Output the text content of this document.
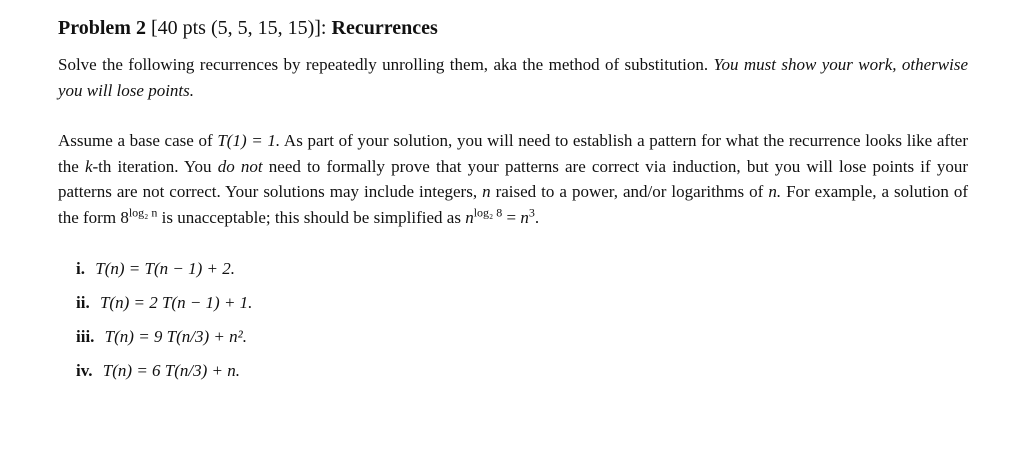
Problem 2 [40 pts (5, 5, 15, 15)]: Recurrences

Solve the following recurrences by repeatedly unrolling them, aka the method of substitution. You must show your work, otherwise you will lose points.

Assume a base case of T(1) = 1. As part of your solution, you will need to establish a pattern for what the recurrence looks like after the k-th iteration. You do not need to formally prove that your patterns are correct via induction, but you will lose points if your patterns are not correct. Your solutions may include integers, n raised to a power, and/or logarithms of n. For example, a solution of the form $8^{log_2 n}$ is unacceptable; this should be simplified as $n^{log_2 8} = n^3$.

i. T(n) = T(n − 1) + 2.
ii. T(n) = 2 T(n − 1) + 1.
iii. T(n) = 9 T(n/3) + n².
iv. T(n) = 6 T(n/3) + n.
